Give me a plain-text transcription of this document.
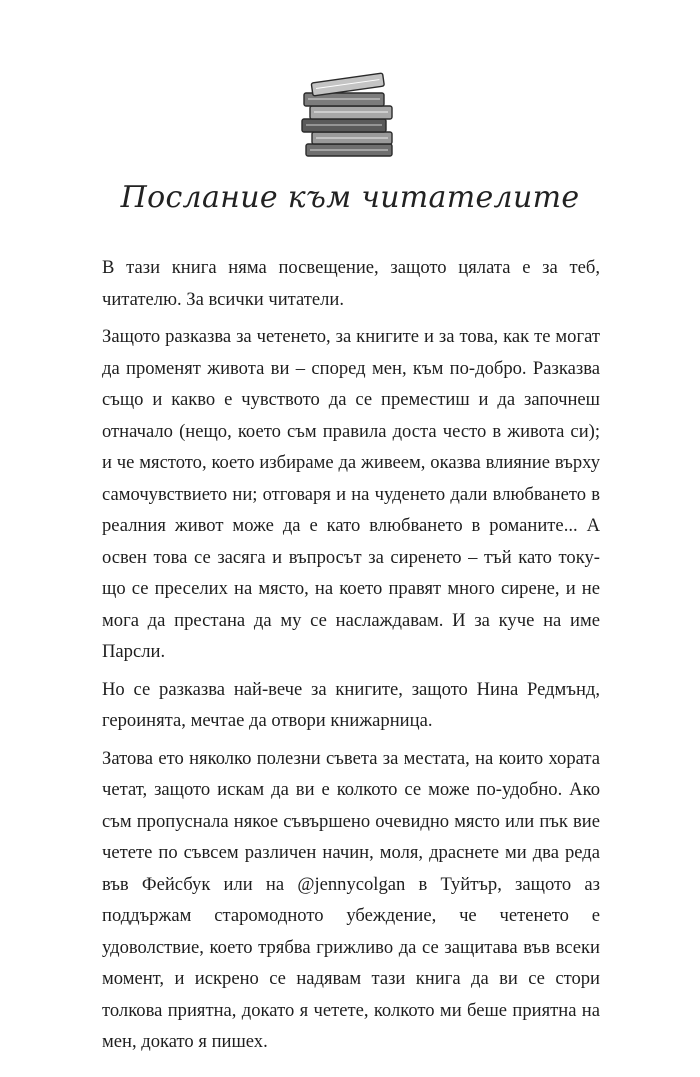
Послание към читателите

В тази книга няма посвещение, защото цялата е за теб, читателю. За всички читатели.

Защото разказва за четенето, за книгите и за това, как те могат да променят живота ви – според мен, към по-добро. Разказва също и какво е чувството да се преместиш и да започнеш отначало (нещо, което съм правила доста често в живота си); и че мястото, което избираме да живеем, оказва влияние върху самочувствието ни; отговаря и на чудeнето дали влюбването в реалния живот може да е като влюбването в романите... А освен това се засяга и въпросът за сиренето – тъй като току-що се преселих на място, на което правят много сирене, и не мога да престана да му се наслаждавам. И за куче на име Парсли.

Но се разказва най-вече за книгите, защото Нина Редмънд, героинята, мечтае да отвори книжарница.

Затова ето няколко полезни съвета за местата, на които хората четат, защото искам да ви е колкото се може по-удобно. Ако съм пропуснала някое съвършено очевидно място или пък вие четете по съвсем различен начин, моля, драснете ми два реда във Фейсбук или на @jennycolgan в Туйтър, защото аз поддържам старомодното убеждение, че четенето е удоволствие, което трябва грижливо да се защитава във всеки момент, и искрено се надявам тази книга да ви се стори толкова приятна, докато я четете, колкото ми беше приятна на мен, докато я пишех.
